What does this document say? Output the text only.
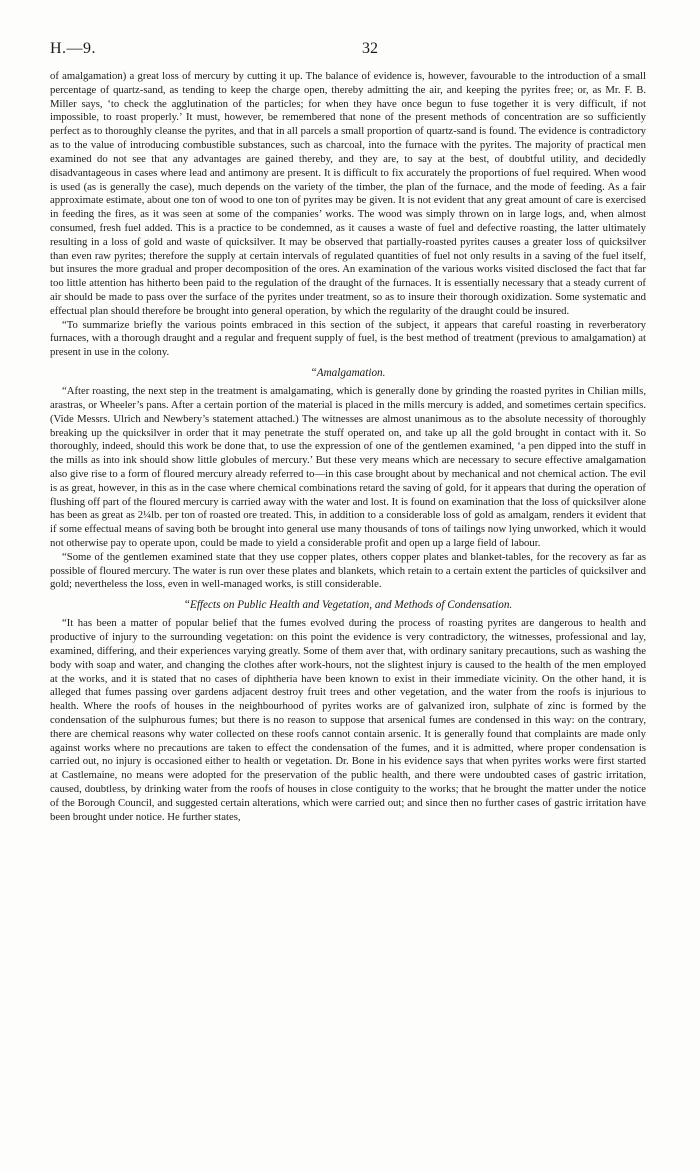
H.—9.	32

of amalgamation) a great loss of mercury by cutting it up. The balance of evidence is, however, favourable to the introduction of a small percentage of quartz-sand, as tending to keep the charge open, thereby admitting the air, and keeping the pyrites free; or, as Mr. F. B. Miller says, ‘to check the agglutination of the particles; for when they have once begun to fuse together it is very difficult, if not impossible, to roast properly.’ It must, however, be remembered that none of the present methods of concentration are so sufficiently perfect as to thoroughly cleanse the pyrites, and that in all parcels a small proportion of quartz-sand is found. The evidence is contradictory as to the value of introducing combustible substances, such as charcoal, into the furnace with the pyrites. The majority of practical men examined do not see that any advantages are gained thereby, and they are, to say at the best, of doubtful utility, and decidedly disadvantageous in cases where lead and antimony are present. It is difficult to fix accurately the proportions of fuel required. When wood is used (as is generally the case), much depends on the variety of the timber, the plan of the furnace, and the mode of feeding. As a fair approximate estimate, about one ton of wood to one ton of pyrites may be given. It is not evident that any great amount of care is exercised in feeding the fires, as it was seen at some of the companies’ works. The wood was simply thrown on in large logs, and, when almost consumed, fresh fuel added. This is a practice to be condemned, as it causes a waste of fuel and defective roasting, the latter ultimately resulting in a loss of gold and waste of quicksilver. It may be observed that partially-roasted pyrites causes a greater loss of quicksilver than even raw pyrites; therefore the supply at certain intervals of regulated quantities of fuel not only results in a saving of the fuel itself, but insures the more gradual and proper decomposition of the ores. An examination of the various works visited disclosed the fact that far too little attention has hitherto been paid to the regulation of the draught of the furnaces. It is essentially necessary that a steady current of air should be made to pass over the surface of the pyrites under treatment, so as to insure their thorough oxidization. Some systematic and effectual plan should therefore be brought into general operation, by which the regularity of the draught could be insured.

“To summarize briefly the various points embraced in this section of the subject, it appears that careful roasting in reverberatory furnaces, with a thorough draught and a regular and frequent supply of fuel, is the best method of treatment (previous to amalgamation) at present in use in the colony.

“Amalgamation.

“After roasting, the next step in the treatment is amalgamating, which is generally done by grinding the roasted pyrites in Chilian mills, arastras, or Wheeler’s pans. After a certain portion of the material is placed in the mills mercury is added, and sometimes certain specifics. (Vide Messrs. Ulrich and Newbery’s statement attached.) The witnesses are almost unanimous as to the absolute necessity of thoroughly breaking up the quicksilver in order that it may penetrate the stuff operated on, and take up all the gold brought in contact with it. So thoroughly, indeed, should this work be done that, to use the expression of one of the gentlemen examined, ‘a pen dipped into the stuff in the mills as into ink should show little globules of mercury.’ But these very means which are necessary to secure effective amalgamation also give rise to a form of floured mercury already referred to—in this case brought about by mechanical and not chemical action. The evil is as great, however, in this as in the case where chemical combinations retard the saving of gold, for it appears that during the operation of flushing off part of the floured mercury is carried away with the water and lost. It is found on examination that the loss of quicksilver alone has been as great as 2¼lb. per ton of roasted ore treated. This, in addition to a considerable loss of gold as amalgam, renders it evident that if some effectual means of saving both be brought into general use many thousands of tons of tailings now lying unworked, which it would not otherwise pay to operate upon, could be made to yield a considerable profit and open up a large field of labour.

“Some of the gentlemen examined state that they use copper plates, others copper plates and blanket-tables, for the recovery as far as possible of floured mercury. The water is run over these plates and blankets, which retain to a certain extent the particles of quicksilver and gold; nevertheless the loss, even in well-managed works, is still considerable.

“Effects on Public Health and Vegetation, and Methods of Condensation.

“It has been a matter of popular belief that the fumes evolved during the process of roasting pyrites are dangerous to health and productive of injury to the surrounding vegetation: on this point the evidence is very contradictory, the witnesses, professional and lay, examined, differing, and their experiences varying greatly. Some of them aver that, with ordinary sanitary precautions, such as washing the body with soap and water, and changing the clothes after work-hours, not the slightest injury is caused to the health of the men employed at the works, and it is stated that no cases of diphtheria have been known to exist in their immediate vicinity. On the other hand, it is alleged that fumes passing over gardens adjacent destroy fruit trees and other vegetation, and the water from the roofs is injurious to health. Where the roofs of houses in the neighbourhood of pyrites works are of galvanized iron, sulphate of zinc is formed by the condensation of the sulphurous fumes; but there is no reason to suppose that arsenical fumes are condensed in this way: on the contrary, there are chemical reasons why water collected on these roofs cannot contain arsenic. It is generally found that complaints are made only against works where no precautions are taken to effect the condensation of the fumes, and it is admitted, where proper condensation is carried out, no injury is occasioned either to health or vegetation. Dr. Bone in his evidence says that when pyrites works were first started at Castlemaine, no means were adopted for the preservation of the public health, and there were undoubted cases of gastric irritation, caused, doubtless, by drinking water from the roofs of houses in close contiguity to the works; that he brought the matter under the notice of the Borough Council, and suggested certain alterations, which were carried out; and since then no further cases of gastric irritation have been brought under notice. He further states,
